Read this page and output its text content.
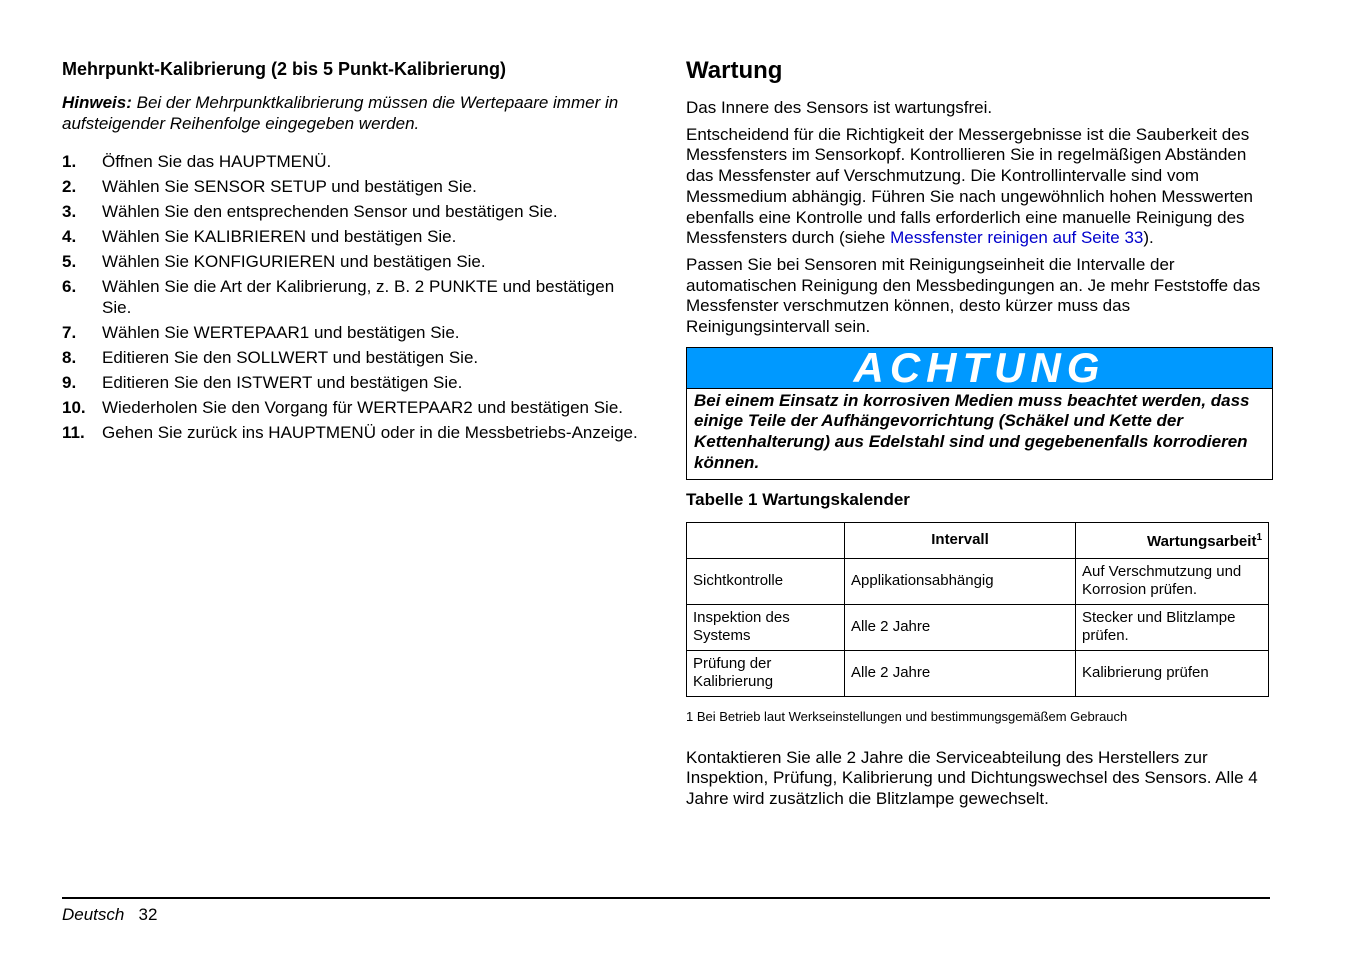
Mehrpunkt-Kalibrierung (2 bis 5 Punkt-Kalibrierung)

Hinweis: Bei der Mehrpunktkalibrierung müssen die Wertepaare immer in aufsteigender Reihenfolge eingegeben werden.

1. Öffnen Sie das HAUPTMENÜ.
2. Wählen Sie SENSOR SETUP und bestätigen Sie.
3. Wählen Sie den entsprechenden Sensor und bestätigen Sie.
4. Wählen Sie KALIBRIEREN und bestätigen Sie.
5. Wählen Sie KONFIGURIEREN und bestätigen Sie.
6. Wählen Sie die Art der Kalibrierung, z. B. 2 PUNKTE und bestätigen Sie.
7. Wählen Sie WERTEPAAR1 und bestätigen Sie.
8. Editieren Sie den SOLLWERT und bestätigen Sie.
9. Editieren Sie den ISTWERT und bestätigen Sie.
10. Wiederholen Sie den Vorgang für WERTEPAAR2 und bestätigen Sie.
11. Gehen Sie zurück ins HAUPTMENÜ oder in die Messbetriebs-Anzeige.
Wartung

Das Innere des Sensors ist wartungsfrei.

Entscheidend für die Richtigkeit der Messergebnisse ist die Sauberkeit des Messfensters im Sensorkopf. Kontrollieren Sie in regelmäßigen Abständen das Messfenster auf Verschmutzung. Die Kontrollintervalle sind vom Messmedium abhängig. Führen Sie nach ungewöhnlich hohen Messwerten ebenfalls eine Kontrolle und falls erforderlich eine manuelle Reinigung des Messfensters durch (siehe Messfenster reinigen auf Seite 33).

Passen Sie bei Sensoren mit Reinigungseinheit die Intervalle der automatischen Reinigung den Messbedingungen an. Je mehr Feststoffe das Messfenster verschmutzen können, desto kürzer muss das Reinigungsintervall sein.

ACHTUNG
Bei einem Einsatz in korrosiven Medien muss beachtet werden, dass einige Teile der Aufhängevorrichtung (Schäkel und Kette der Kettenhalterung) aus Edelstahl sind und gegebenenfalls korrodieren können.
Tabelle 1 Wartungskalender
	Intervall	Wartungsarbeit$^1$
Sichtkontrolle	Applikationsabhängig	Auf Verschmutzung und Korrosion prüfen.
Inspektion des Systems	Alle 2 Jahre	Stecker und Blitzlampe prüfen.
Prüfung der Kalibrierung	Alle 2 Jahre	Kalibrierung prüfen
1 Bei Betrieb laut Werkseinstellungen und bestimmungsgemäßem Gebrauch

Kontaktieren Sie alle 2 Jahre die Serviceabteilung des Herstellers zur Inspektion, Prüfung, Kalibrierung und Dichtungswechsel des Sensors. Alle 4 Jahre wird zusätzlich die Blitzlampe gewechselt.

Deutsch 32
